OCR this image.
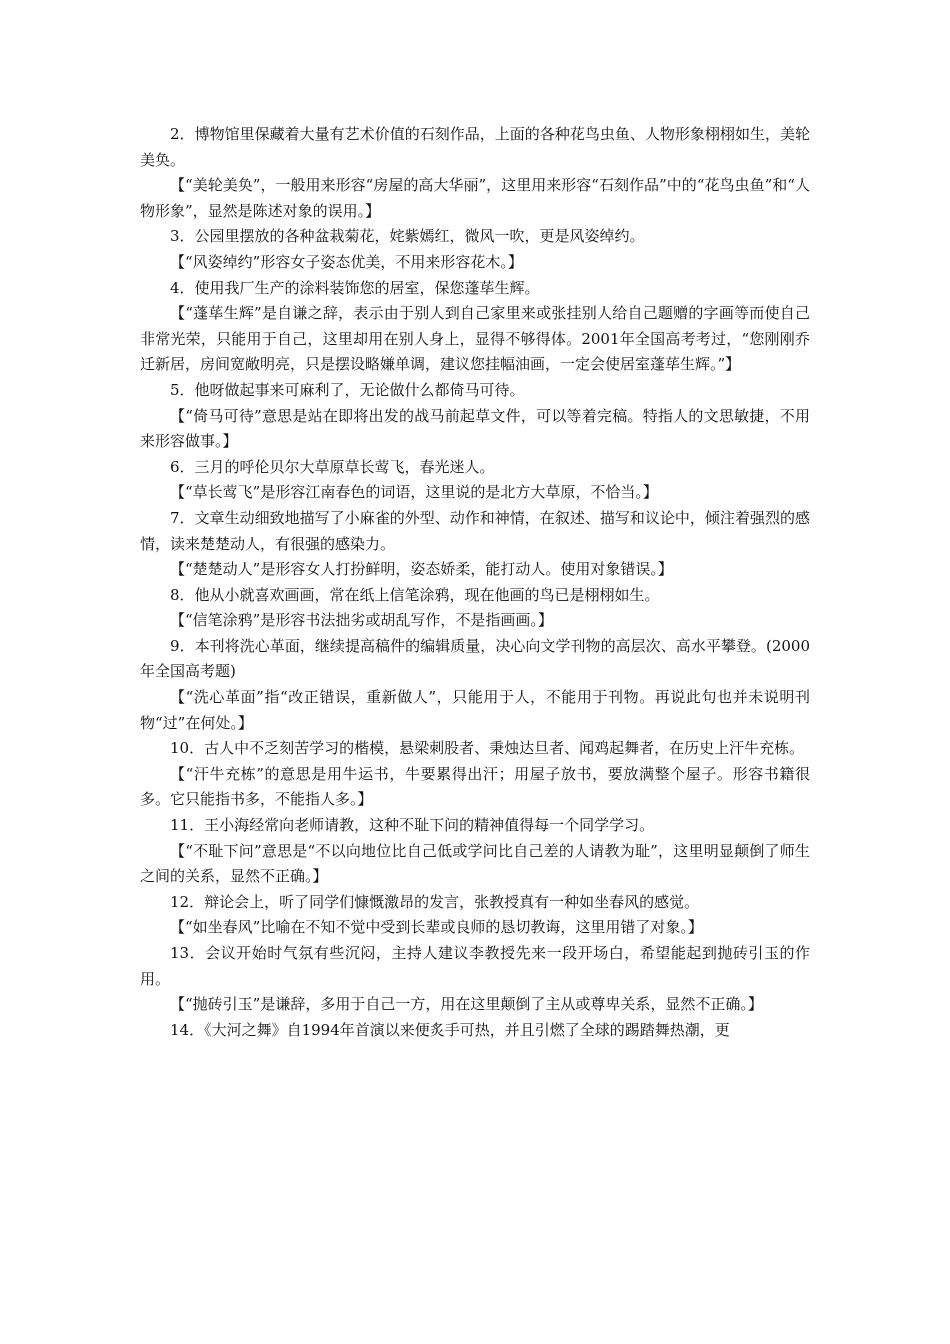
2．博物馆里保藏着大量有艺术价值的石刻作品，上面的各种花鸟虫鱼、人物形象栩栩如生，美轮美奂。

【“美轮美奂”，一般用来形容“房屋的高大华丽”，这里用来形容“石刻作品”中的“花鸟虫鱼”和“人物形象”，显然是陈述对象的误用。】

3．公园里摆放的各种盆栽菊花，姹紫嫣红，微风一吹，更是风姿绰约。

【“风姿绰约”形容女子姿态优美，不用来形容花木。】

4．使用我厂生产的涂料装饰您的居室，保您蓬荜生辉。

【“蓬荜生辉”是自谦之辞，表示由于别人到自己家里来或张挂别人给自己题赠的字画等而使自己非常光荣，只能用于自己，这里却用在别人身上，显得不够得体。2001年全国高考考过，“您刚刚乔迁新居，房间宽敞明亮，只是摆设略嫌单调，建议您挂幅油画，一定会使居室蓬荜生辉。”】

5．他呀做起事来可麻利了，无论做什么都倚马可待。

【“倚马可待”意思是站在即将出发的战马前起草文件，可以等着完稿。特指人的文思敏捷，不用来形容做事。】

6．三月的呼伦贝尔大草原草长莺飞，春光迷人。

【“草长莺飞”是形容江南春色的词语，这里说的是北方大草原，不恰当。】

7．文章生动细致地描写了小麻雀的外型、动作和神情，在叙述、描写和议论中，倾注着强烈的感情，读来楚楚动人，有很强的感染力。

【“楚楚动人”是形容女人打扮鲜明，姿态娇柔，能打动人。使用对象错误。】

8．他从小就喜欢画画，常在纸上信笔涂鸦，现在他画的鸟已是栩栩如生。

【“信笔涂鸦”是形容书法拙劣或胡乱写作，不是指画画。】

9．本刊将洗心革面，继续提高稿件的编辑质量，决心向文学刊物的高层次、高水平攀登。(2000年全国高考题)

【“洗心革面”指“改正错误，重新做人”，只能用于人，不能用于刊物。再说此句也并未说明刊物“过”在何处。】

10．古人中不乏刻苦学习的楷模，悬梁刺股者、秉烛达旦者、闻鸡起舞者，在历史上汗牛充栋。

【“汗牛充栋”的意思是用牛运书，牛要累得出汗；用屋子放书，要放满整个屋子。形容书籍很多。它只能指书多，不能指人多。】

11．王小海经常向老师请教，这种不耻下问的精神值得每一个同学学习。

【“不耻下问”意思是“不以向地位比自己低或学问比自己差的人请教为耻”，这里明显颠倒了师生之间的关系，显然不正确。】

12．辩论会上，听了同学们慷慨激昂的发言，张教授真有一种如坐春风的感觉。

【“如坐春风”比喻在不知不觉中受到长辈或良师的恳切教诲，这里用错了对象。】

13．会议开始时气氛有些沉闷，主持人建议李教授先来一段开场白，希望能起到抛砖引玉的作用。

【“抛砖引玉”是谦辞，多用于自己一方，用在这里颠倒了主从或尊卑关系，显然不正确。】

14．《大河之舞》自1994年首演以来便炙手可热，并且引燃了全球的踢踏舞热潮，更
